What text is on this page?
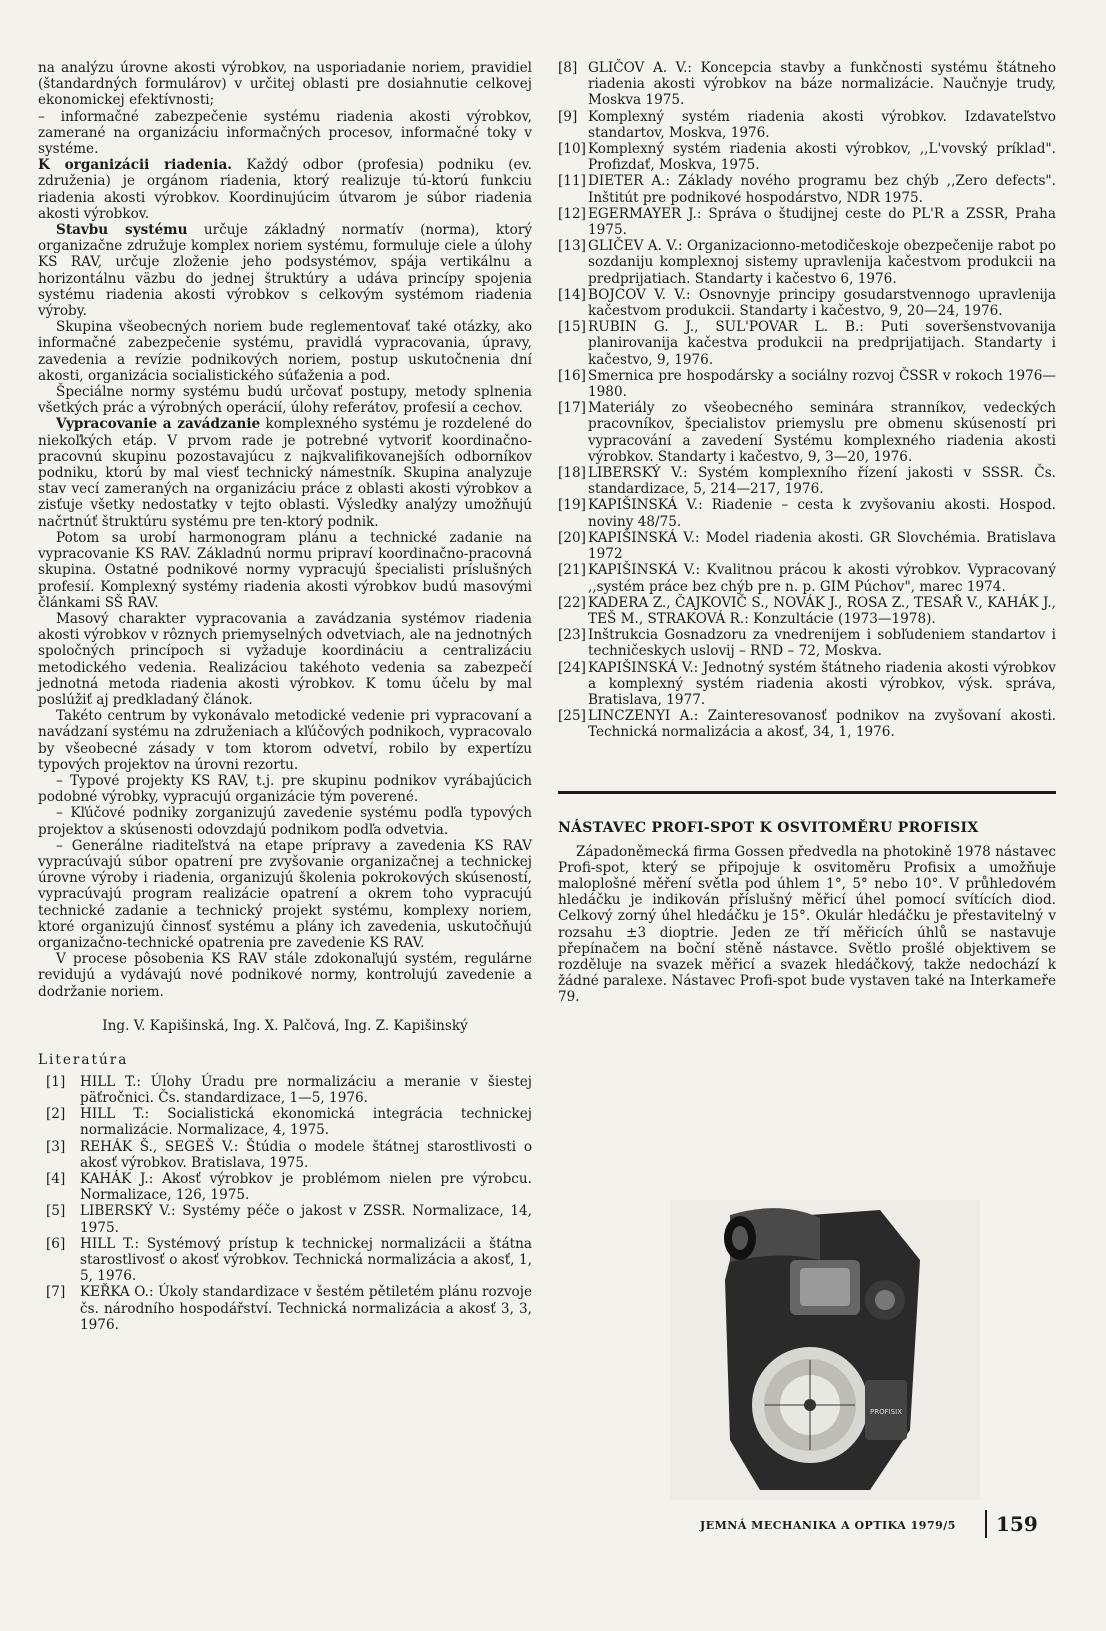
na analýzu úrovne akosti výrobkov, na usporiadanie noriem, pravidiel (štandardných formulárov) v určitej oblasti pre dosiahnutie celkovej ekonomickej efektívnosti;

– informačné zabezpečenie systému riadenia akosti výrobkov, zamerané na organizáciu informačných procesov, informačné toky v systéme.

K organizácii riadenia. Každý odbor (profesia) podniku (ev. združenia) je orgánom riadenia, ktorý realizuje tú-ktorú funkciu riadenia akosti výrobkov. Koordinujúcim útvarom je súbor riadenia akosti výrobkov.

Stavbu systému určuje základný normatív (norma), ktorý organizačne združuje komplex noriem systému, formuluje ciele a úlohy KS RAV, určuje zloženie jeho podsystémov, spája vertikálnu a horizontálnu väzbu do jednej štruktúry a udáva princípy spojenia systému riadenia akosti výrobkov s celkovým systémom riadenia výroby.

Skupina všeobecných noriem bude reglementovať také otázky, ako informačné zabezpečenie systému, pravidlá vypracovania, úpravy, zavedenia a revízie podnikových noriem, postup uskutočnenia dní akosti, organizácia socialistického súťaženia a pod.

Špeciálne normy systému budú určovať postupy, metody splnenia všetkých prác a výrobných operácií, úlohy referátov, profesií a cechov.

Vypracovanie a zavádzanie komplexného systému je rozdelené do niekoľkých etáp. V prvom rade je potrebné vytvoriť koordinačno-pracovnú skupinu pozostavajúcu z najkvalifikovanejších odborníkov podniku, ktorú by mal viesť technický námestník. Skupina analyzuje stav vecí zameraných na organizáciu práce z oblasti akosti výrobkov a zisťuje všetky nedostatky v tejto oblasti. Výsledky analýzy umožňujú načrtnúť štruktúru systému pre ten-ktorý podnik.

Potom sa urobí harmonogram plánu a technické zadanie na vypracovanie KS RAV. Základnú normu pripraví koordinačno-pracovná skupina. Ostatné podnikové normy vypracujú špecialisti príslušných profesií. Komplexný systémy riadenia akosti výrobkov budú masovými článkami SŠ RAV.

Masový charakter vypracovania a zavádzania systémov riadenia akosti výrobkov v rôznych priemyselných odvetviach, ale na jednotných spoločných princípoch si vyžaduje koordináciu a centralizáciu metodického vedenia. Realizáciou takéhoto vedenia sa zabezpečí jednotná metoda riadenia akosti výrobkov. K tomu účelu by mal poslúžiť aj predkladaný článok.

Takéto centrum by vykonávalo metodické vedenie pri vypracovaní a navádzaní systému na združeniach a kľúčových podnikoch, vypracovalo by všeobecné zásady v tom ktorom odvetví, robilo by expertízu typových projektov na úrovni rezortu.

– Typové projekty KS RAV, t.j. pre skupinu podnikov vyrábajúcich podobné výrobky, vypracujú organizácie tým poverené.

– Kľúčové podniky zorganizujú zavedenie systému podľa typových projektov a skúsenosti odovzdajú podnikom podľa odvetvia.

– Generálne riaditeľstvá na etape prípravy a zavedenia KS RAV vypracúvajú súbor opatrení pre zvyšovanie organizačnej a technickej úrovne výroby i riadenia, organizujú školenia pokrokových skúseností, vypracúvajú program realizácie opatrení a okrem toho vypracujú technické zadanie a technický projekt systému, komplexy noriem, ktoré organizujú činnosť systému a plány ich zavedenia, uskutočňujú organizačno-technické opatrenia pre zavedenie KS RAV.

V procese pôsobenia KS RAV stále zdokonaľujú systém, regulárne revidujú a vydávajú nové podnikové normy, kontrolujú zavedenie a dodržanie noriem.

Ing. V. Kapišinská, Ing. X. Palčová, Ing. Z. Kapišinský
Literatúra
[1]	HILL T.: Úlohy Úradu pre normalizáciu a meranie v šiestej päťročnici. Čs. standardizace, 1—5, 1976.
[2]	HILL T.: Socialistická ekonomická integrácia technickej normalizácie. Normalizace, 4, 1975.
[3]	REHÁK Š., SEGEŠ V.: Štúdia o modele štátnej starostlivosti o akosť výrobkov. Bratislava, 1975.
[4]	KAHÁK J.: Akosť výrobkov je problémom nielen pre výrobcu. Normalizace, 126, 1975.
[5]	LIBERSKÝ V.: Systémy péče o jakost v ZSSR. Normalizace, 14, 1975.
[6]	HILL T.: Systémový prístup k technickej normalizácii a štátna starostlivosť o akosť výrobkov. Technická normalizácia a akosť, 1, 5, 1976.
[7]	KEŘKA O.: Úkoly standardizace v šestém pětiletém plánu rozvoje čs. národního hospodářství. Technická normalizácia a akosť 3, 3, 1976.
[8] GLIČOV A. V.: Koncepcia stavby a funkčnosti systému štátneho riadenia akosti výrobkov na báze normalizácie. Naučnyje trudy, Moskva 1975.
[9] Komplexný systém riadenia akosti výrobkov. Izdavateľstvo standartov, Moskva, 1976.
[10] Komplexný systém riadenia akosti výrobkov, ,,L'vovský príklad". Profizdať, Moskva, 1975.
[11] DIETER A.: Základy nového programu bez chýb ,,Zero defects". Inštitút pre podnikové hospodárstvo, NDR 1975.
[12] EGERMAYER J.: Správa o študijnej ceste do PL'R a ZSSR, Praha 1975.
[13] GLIČEV A. V.: Organizacionno-metodičeskoje obezpečenije rabot po sozdaniju komplexnoj sistemy upravlenija kačestvom produkcii na predprijatiach. Standarty i kačestvo 6, 1976.
[14] BOJCOV V. V.: Osnovnyje principy gosudarstvennogo upravlenija kačestvom produkcii. Standarty i kačestvo, 9, 20—24, 1976.
[15] RUBIN G. J., SUL'POVAR L. B.: Puti soveršenstvovanija planirovanija kačestva produkcii na predprijatijach. Standarty i kačestvo, 9, 1976.
[16] Smernica pre hospodársky a sociálny rozvoj ČSSR v rokoch 1976—1980.
[17] Materiály zo všeobecného seminára stranníkov, vedeckých pracovníkov, špecialistov priemyslu pre obmenu skúseností pri vypracování a zavedení Systému komplexného riadenia akosti výrobkov. Standarty i kačestvo, 9, 3—20, 1976.
[18] LIBERSKÝ V.: Systém komplexního řízení jakosti v SSSR. Čs. standardizace, 5, 214—217, 1976.
[19] KAPIŠINSKÁ V.: Riadenie – cesta k zvyšovaniu akosti. Hospod. noviny 48/75.
[20] KAPIŠINSKÁ V.: Model riadenia akosti. GR Slovchémia. Bratislava 1972
[21] KAPIŠINSKÁ V.: Kvalitnou prácou k akosti výrobkov. Vypracovaný ,,systém práce bez chýb pre n. p. GIM Púchov", marec 1974.
[22] KADERA Z., ČAJKOVIČ S., NOVÁK J., ROSA Z., TESAŘ V., KAHÁK J., TEŠ M., STRAKOVÁ R.: Konzultácie (1973—1978).
[23] Inštrukcia Gosnadzoru za vnedrenijem i sobľudeniem standartov i techničeskych uslovij – RND – 72, Moskva.
[24] KAPIŠINSKÁ V.: Jednotný systém štátneho riadenia akosti výrobkov a komplexný systém riadenia akosti výrobkov, výsk. správa, Bratislava, 1977.
[25] LINCZENYI A.: Zainteresovanosť podnikov na zvyšovaní akosti. Technická normalizácia a akosť, 34, 1, 1976.
NÁSTAVEC PROFI-SPOT K OSVITOMĚRU PROFISIX

Západoněmecká firma Gossen předvedla na photokině 1978 nástavec Profi-spot, který se připojuje k osvitoměru Profisix a umožňuje maloplošné měření světla pod úhlem 1°, 5° nebo 10°. V průhledovém hledáčku je indikován příslušný měřicí úhel pomocí svítících diod. Celkový zorný úhel hledáčku je 15°. Okulár hledáčku je přestavitelný v rozsahu ±3 dioptrie. Jeden ze tří měřicích úhlů se nastavuje přepínačem na boční stěně nástavce. Světlo prošlé objektivem se rozděluje na svazek měřicí a svazek hledáčkový, takže nedochází k žádné paralexe. Nástavec Profi-spot bude vystaven také na Interkameře 79.

PROFISIX
JEMNÁ MECHANIKA A OPTIKA 1979/5 159
